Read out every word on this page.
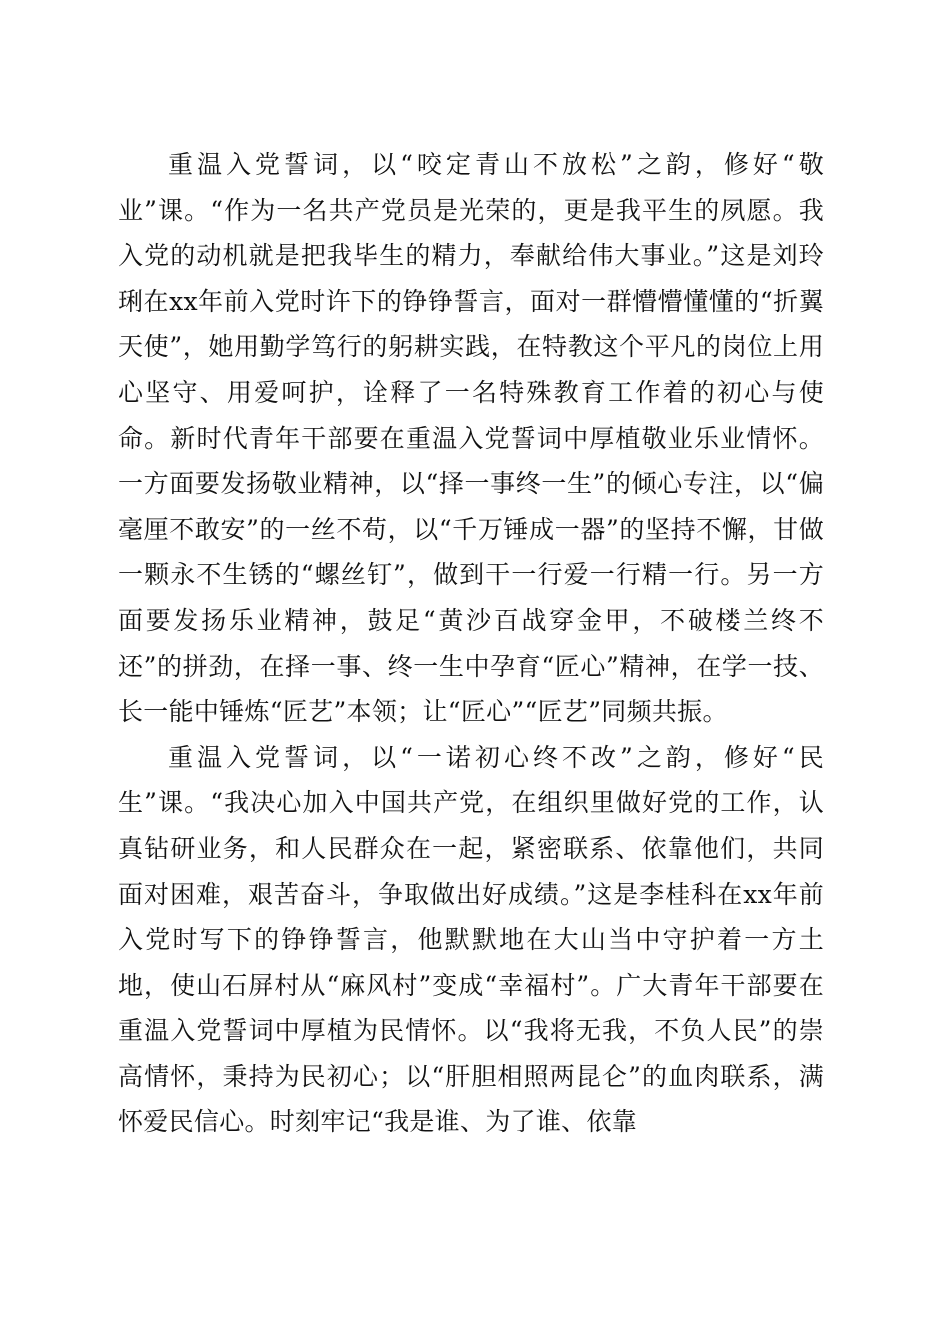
重温入党誓词，以“咬定青山不放松”之韵，修好“敬业”课。“作为一名共产党员是光荣的，更是我平生的夙愿。我入党的动机就是把我毕生的精力，奉献给伟大事业。”这是刘玲琍在xx年前入党时许下的铮铮誓言，面对一群懵懵懂懂的“折翼天使”，她用勤学笃行的躬耕实践，在特教这个平凡的岗位上用心坚守、用爱呵护，诠释了一名特殊教育工作着的初心与使命。新时代青年干部要在重温入党誓词中厚植敬业乐业情怀。一方面要发扬敬业精神，以“择一事终一生”的倾心专注，以“偏毫厘不敢安”的一丝不苟，以“千万锤成一器”的坚持不懈，甘做一颗永不生锈的“螺丝钉”，做到干一行爱一行精一行。另一方面要发扬乐业精神，鼓足“黄沙百战穿金甲，不破楼兰终不还”的拼劲，在择一事、终一生中孕育“匠心”精神，在学一技、长一能中锤炼“匠艺”本领；让“匠心”“匠艺”同频共振。

重温入党誓词，以“一诺初心终不改”之韵，修好“民生”课。“我决心加入中国共产党，在组织里做好党的工作，认真钻研业务，和人民群众在一起，紧密联系、依靠他们，共同面对困难，艰苦奋斗，争取做出好成绩。”这是李桂科在xx年前入党时写下的铮铮誓言，他默默地在大山当中守护着一方土地，使山石屏村从“麻风村”变成“幸福村”。广大青年干部要在重温入党誓词中厚植为民情怀。以“我将无我，不负人民”的崇高情怀，秉持为民初心；以“肝胆相照两昆仑”的血肉联系，满怀爱民信心。时刻牢记“我是谁、为了谁、依靠
